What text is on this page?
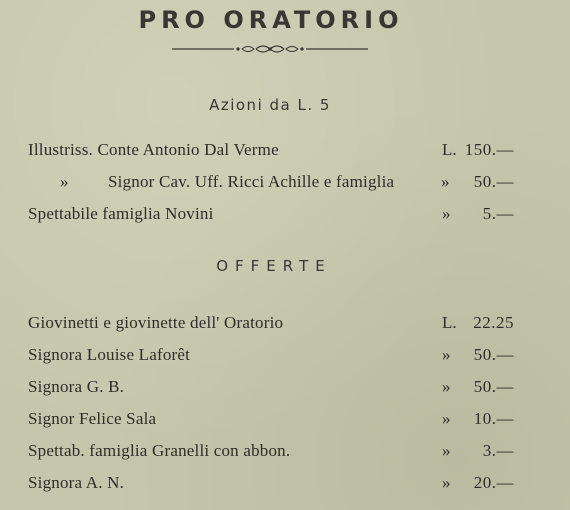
PRO ORATORIO
Azioni da L. 5
Illustriss. Conte Antonio Dal Verme	L. 150.—
» Signor Cav. Uff. Ricci Achille e famiglia	»	50.—
Spettabile famiglia Novini	»	5.—
OFFERTE
Giovinetti e giovinette dell' Oratorio	L. 22.25
Signora Louise Laforêt	»	50.—
Signora G. B.	»	50.—
Signor Felice Sala	»	10.—
Spettab. famiglia Granelli con abbon.	»	3.—
Signora A. N.	»	20.—
